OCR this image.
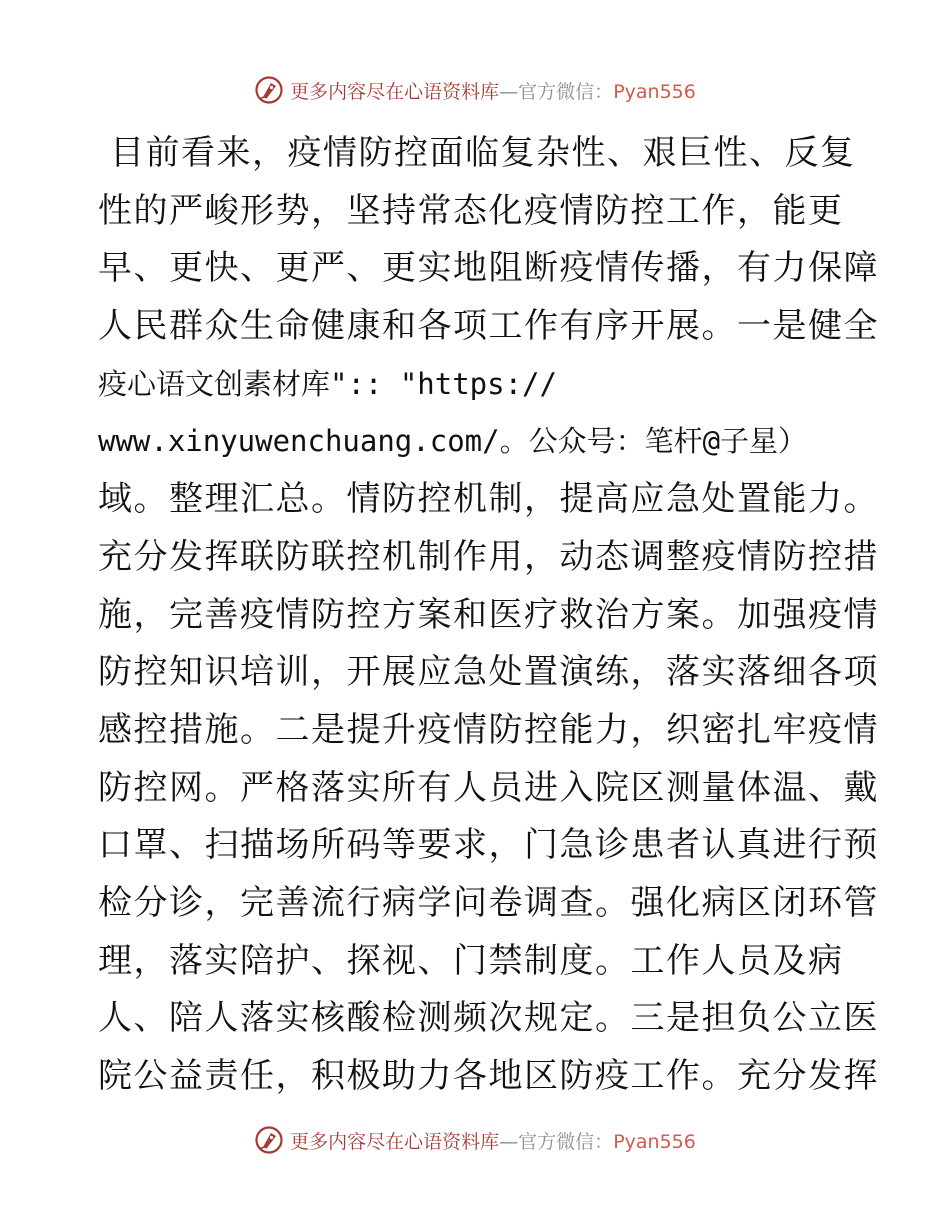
更多内容尽在心语资料库—官方微信：Pyan556
目前看来，疫情防控面临复杂性、艰巨性、反复
性的严峻形势，坚持常态化疫情防控工作，能更
早、更快、更严、更实地阻断疫情传播，有力保障
人民群众生命健康和各项工作有序开展。一是健全
疫心语文创素材库":: "https://
www.xinyuwenchuang.com/。公众号：笔杆@子星）
域。整理汇总。情防控机制，提高应急处置能力。
充分发挥联防联控机制作用，动态调整疫情防控措
施，完善疫情防控方案和医疗救治方案。加强疫情
防控知识培训，开展应急处置演练，落实落细各项
感控措施。二是提升疫情防控能力，织密扎牢疫情
防控网。严格落实所有人员进入院区测量体温、戴
口罩、扫描场所码等要求，门急诊患者认真进行预
检分诊，完善流行病学问卷调查。强化病区闭环管
理，落实陪护、探视、门禁制度。工作人员及病
人、陪人落实核酸检测频次规定。三是担负公立医
院公益责任，积极助力各地区防疫工作。充分发挥
更多内容尽在心语资料库—官方微信：Pyan556
